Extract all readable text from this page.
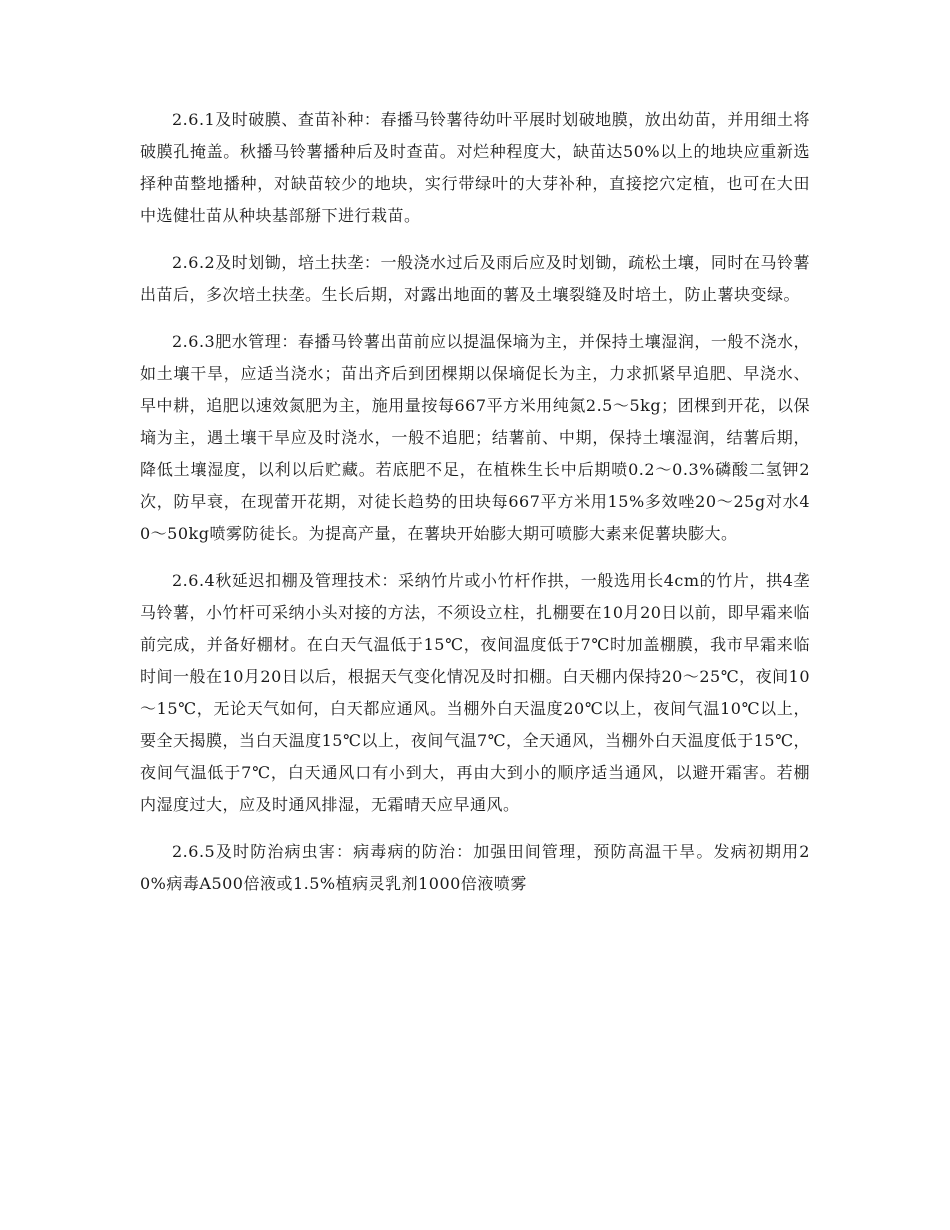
2.6.1及时破膜、查苗补种：春播马铃薯待幼叶平展时划破地膜，放出幼苗，并用细土将破膜孔掩盖。秋播马铃薯播种后及时查苗。对烂种程度大，缺苗达50%以上的地块应重新选择种苗整地播种，对缺苗较少的地块，实行带绿叶的大芽补种，直接挖穴定植，也可在大田中选健壮苗从种块基部掰下进行栽苗。

2.6.2及时划锄，培土扶垄：一般浇水过后及雨后应及时划锄，疏松土壤，同时在马铃薯出苗后，多次培土扶垄。生长后期，对露出地面的薯及土壤裂缝及时培土，防止薯块变绿。

2.6.3肥水管理：春播马铃薯出苗前应以提温保墒为主，并保持土壤湿润，一般不浇水，如土壤干旱，应适当浇水；苗出齐后到团棵期以保墒促长为主，力求抓紧早追肥、早浇水、早中耕，追肥以速效氮肥为主，施用量按每667平方米用纯氮2.5～5kg；团棵到开花，以保墒为主，遇土壤干旱应及时浇水，一般不追肥；结薯前、中期，保持土壤湿润，结薯后期，降低土壤湿度，以利以后贮藏。若底肥不足，在植株生长中后期喷0.2～0.3%磷酸二氢钾2次，防早衰，在现蕾开花期，对徒长趋势的田块每667平方米用15%多效唑20～25g对水40～50kg喷雾防徒长。为提高产量，在薯块开始膨大期可喷膨大素来促薯块膨大。

2.6.4秋延迟扣棚及管理技术：采纳竹片或小竹杆作拱，一般选用长4cm的竹片，拱4垄马铃薯，小竹杆可采纳小头对接的方法，不须设立柱，扎棚要在10月20日以前，即早霜来临前完成，并备好棚材。在白天气温低于15℃，夜间温度低于7℃时加盖棚膜，我市早霜来临时间一般在10月20日以后，根据天气变化情况及时扣棚。白天棚内保持20～25℃，夜间10～15℃，无论天气如何，白天都应通风。当棚外白天温度20℃以上，夜间气温10℃以上，要全天揭膜，当白天温度15℃以上，夜间气温7℃，全天通风，当棚外白天温度低于15℃，夜间气温低于7℃，白天通风口有小到大，再由大到小的顺序适当通风，以避开霜害。若棚内湿度过大，应及时通风排湿，无霜晴天应早通风。

2.6.5及时防治病虫害：病毒病的防治：加强田间管理，预防高温干旱。发病初期用20%病毒A500倍液或1.5%植病灵乳剂1000倍液喷雾
